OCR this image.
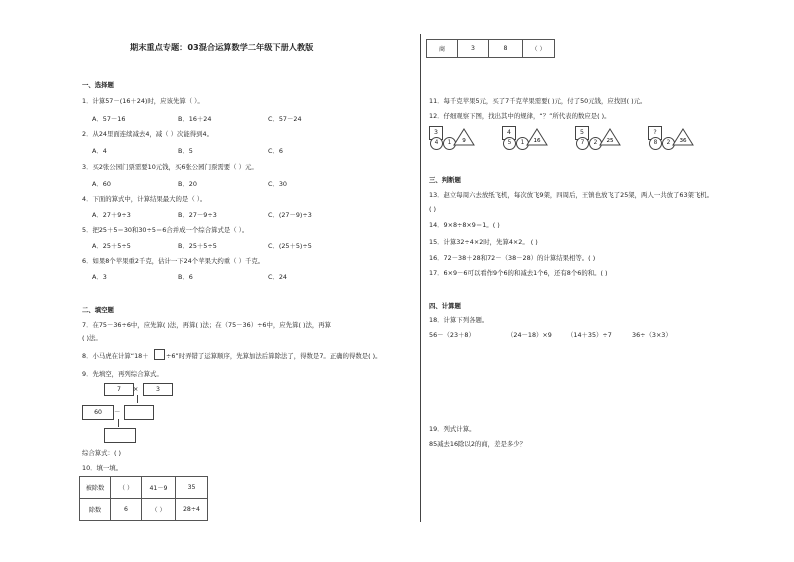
期末重点专题：03混合运算数学二年级下册人教版
一、选择题
1．计算57－(16＋24)时，应该先算（ ）。
A．57－16	B．16＋24	C．57－24
2．从24里面连续减去4，减（ ）次能得到4。
A．4	B．5	C．6
3．买2张公园门票需要10元钱，买6张公园门票需要（ ）元。
A．60	B．20	C．30
4．下面的算式中，计算结果最大的是（ ）。
A．27＋9÷3	B．27－9÷3	C．(27－9)÷3
5．把25＋5＝30和30÷5＝6合并成一个综合算式是（ ）。
A．25＋5÷5	B．25＋5÷5	C．(25＋5)÷5
6．如果8个苹果重2千克，估计一下24个苹果大约重（ ）千克。
A．3	B．6	C．24
二、填空题
7．在75－36÷6中，应先算( )法，再算( )法；在（75－36）÷6中，应先算( )法，再算
( )法。
8．小马虎在计算“18＋	÷6”时弄错了运算顺序，先算加法后算除法了，得数是7。正确的得数是( )。
9．先填空，再列综合算式。
7	×	3
60	－
综合算式：( )
10．填一填。
被除数	（ ）	41－9	35
除数	6	（ ）	28÷4
商	3	8	（ ）
11．每千克苹果5元，买了7千克苹果需要( )元，付了50元钱，应找回( )元。
12．仔细观察下图，找出其中的规律，“？”所代表的数应是( )。
3
4	1	9
4
5	1	16
5
7	2	25
?
8	2	36
三、判断题
13．赵立每周六去放纸飞机，每次放飞9架，四周后，王镇也放飞了25架，两人一共放了63架飞机。
( )
14．9×8÷8×9＝1。( )
15．计算32÷4×2时，先算4×2。 ( )
16．72－38＋28和72－（38－28）的计算结果相等。( )
17．6×9－6可以看作9个6的和减去1个6，还有8个6的和。( )
四、计算题
18．计算下列各题。
56－（23＋8）	（24－18）×9 （14＋35）÷7	36÷（3×3）
19．列式计算。
85减去16除以2的商，差是多少？
